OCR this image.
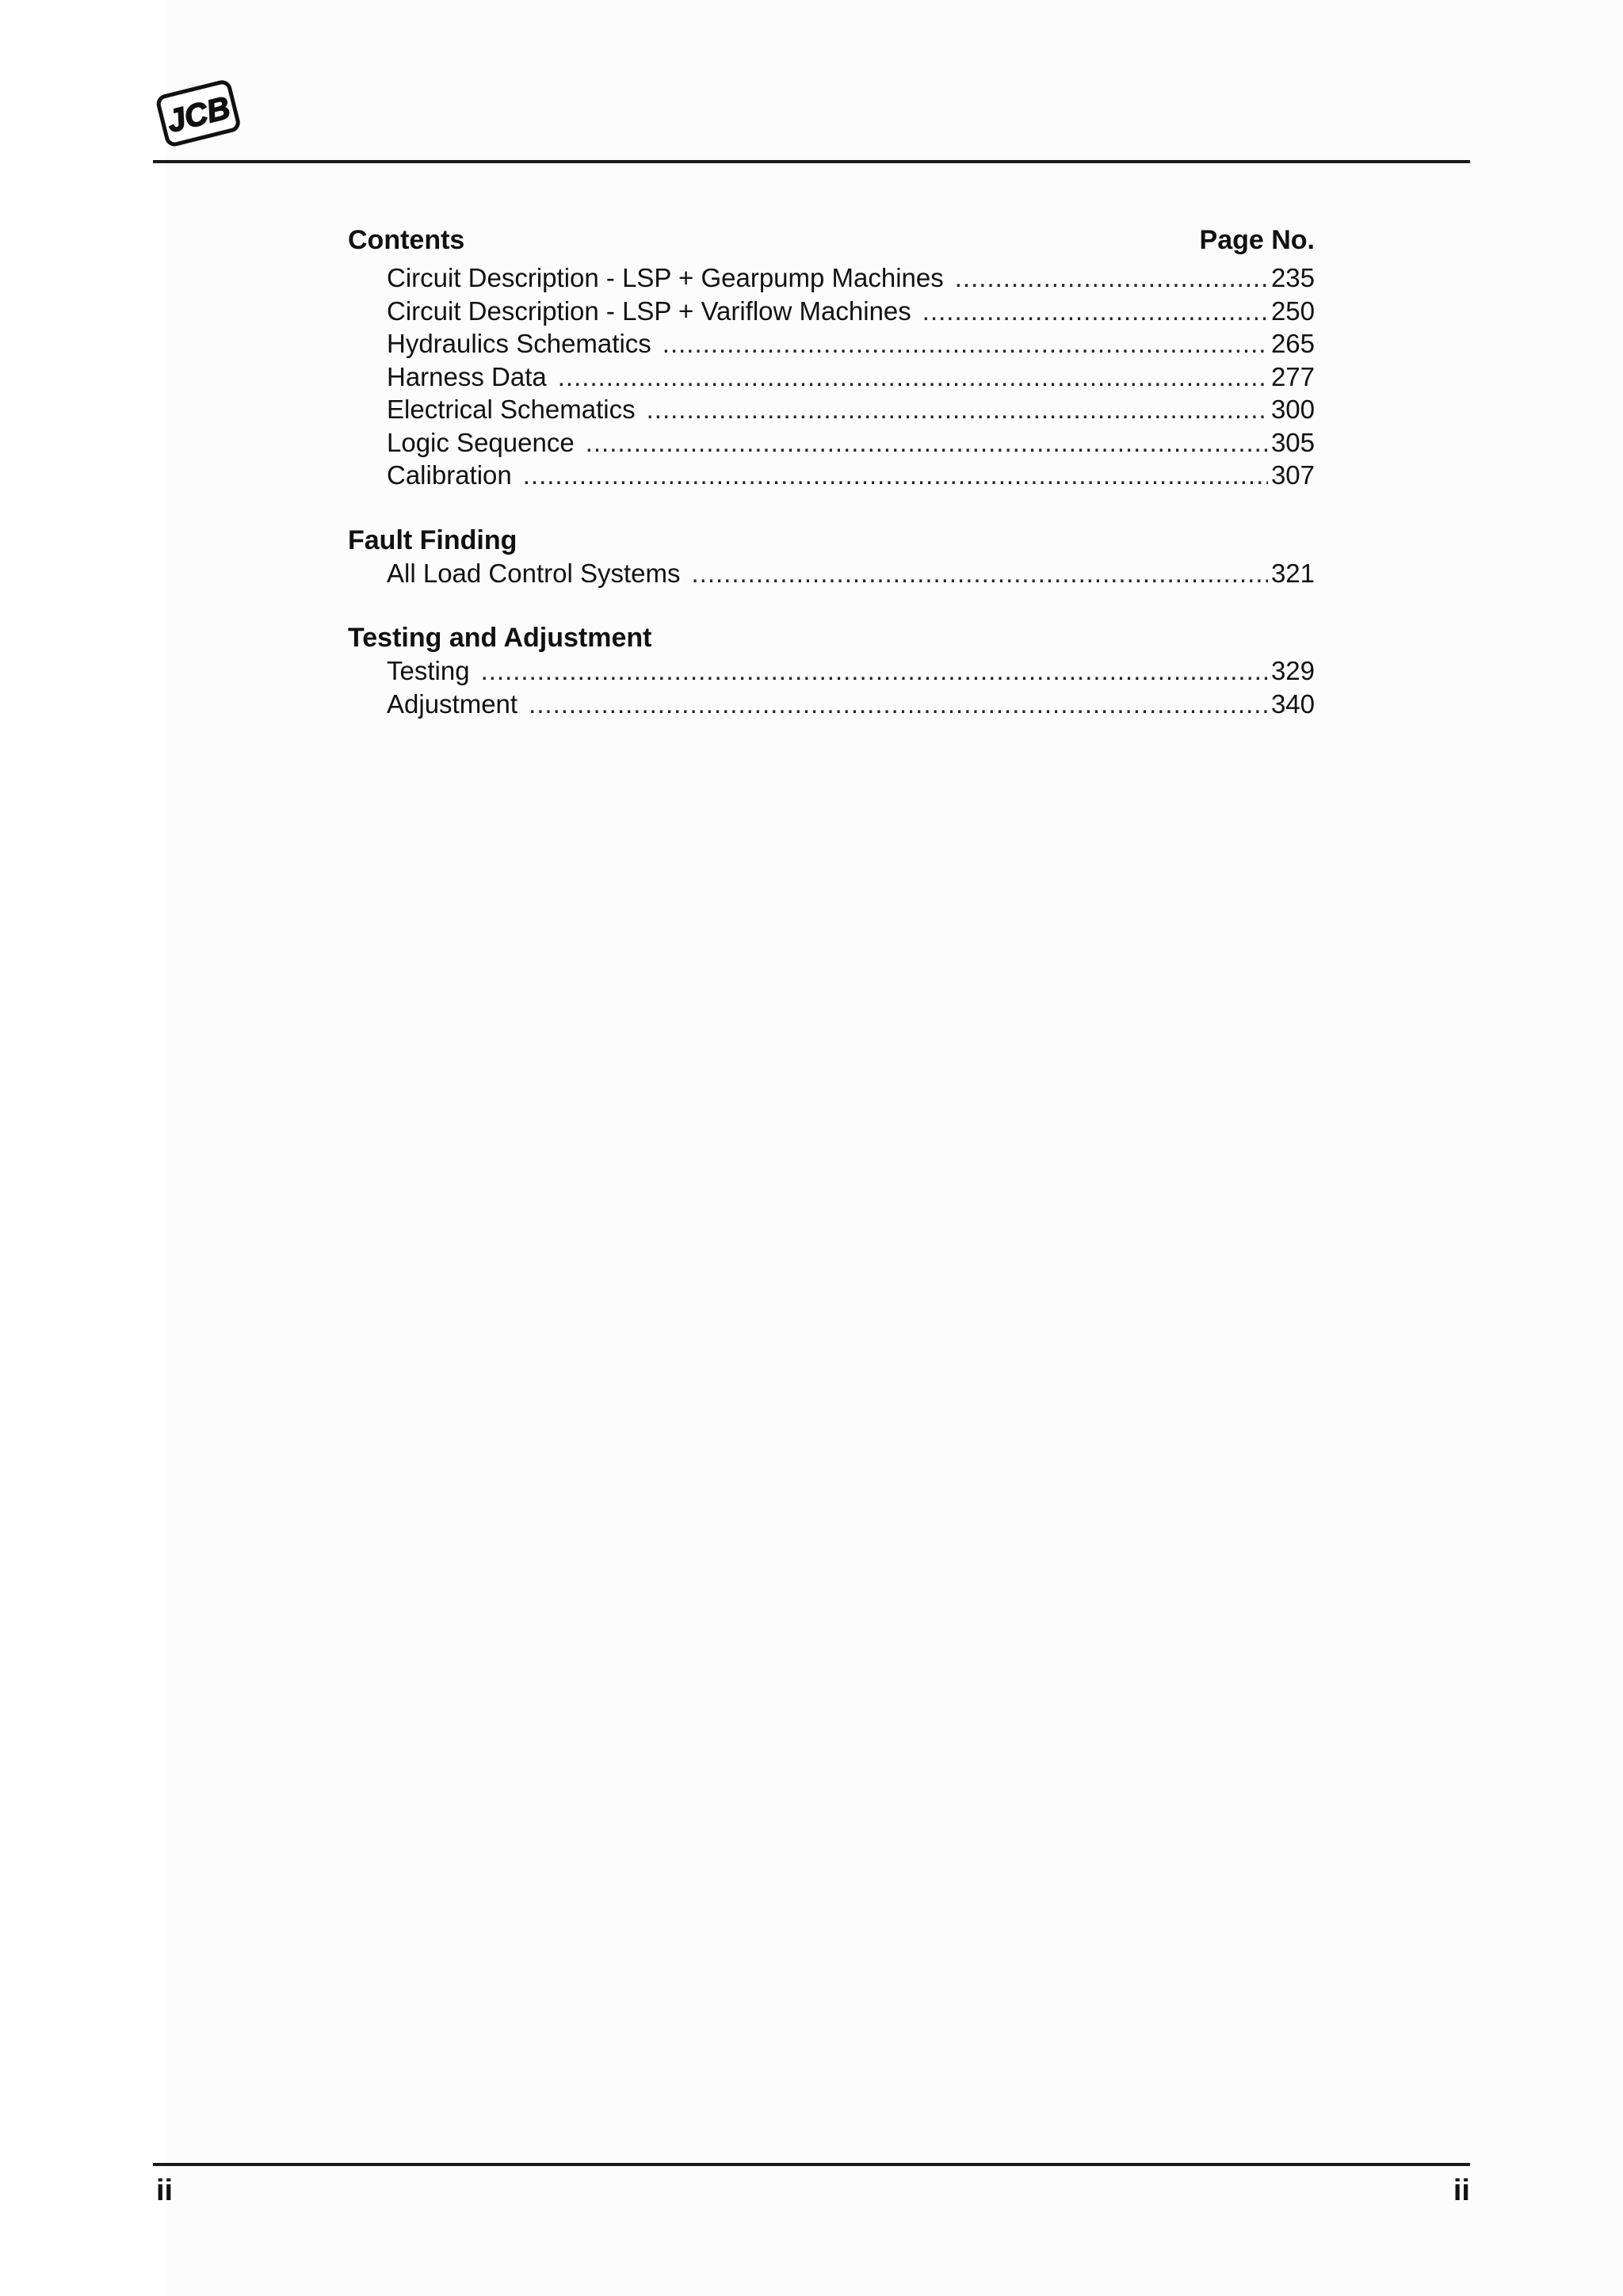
JCB
Contents	Page No.
Circuit Description - LSP + Gearpump Machines .....	235
Circuit Description - LSP + Variflow Machines .....	250
Hydraulics Schematics .....	265
Harness Data .....	277
Electrical Schematics .....	300
Logic Sequence .....	305
Calibration .....	307
Fault Finding
All Load Control Systems .....	321
Testing and Adjustment
Testing .....	329
Adjustment .....	340
ii	ii
